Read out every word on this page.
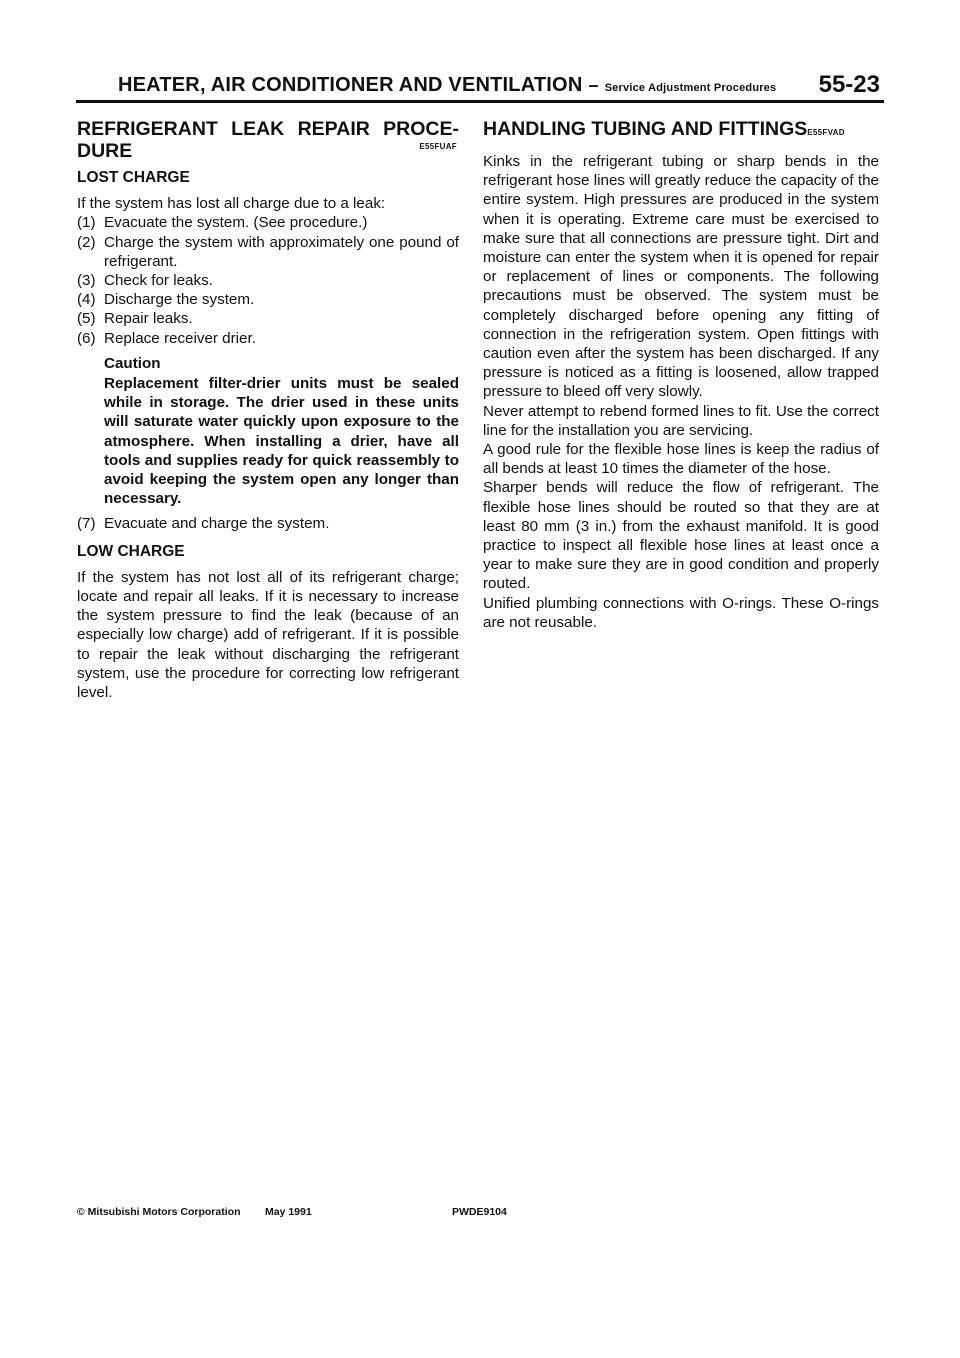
HEATER, AIR CONDITIONER AND VENTILATION – Service Adjustment Procedures 55-23
REFRIGERANT LEAK REPAIR PROCE-
DURE	E55FUAF
LOST CHARGE

If the system has lost all charge due to a leak:

(1) Evacuate the system. (See procedure.)
(2) Charge the system with approximately one pound of refrigerant.
(3) Check for leaks.
(4) Discharge the system.
(5) Repair leaks.
(6) Replace receiver drier.
Caution

Replacement filter-drier units must be sealed while in storage. The drier used in these units will saturate water quickly upon exposure to the atmosphere. When installing a drier, have all tools and supplies ready for quick reassembly to avoid keeping the system open any longer than necessary.

(7) Evacuate and charge the system.
LOW CHARGE

If the system has not lost all of its refrigerant charge; locate and repair all leaks. If it is necessary to increase the system pressure to find the leak (because of an especially low charge) add of refrigerant. If it is possible to repair the leak without discharging the refrigerant system, use the procedure for correcting low refrigerant level.

HANDLING TUBING AND FITTINGSE55FVAD

Kinks in the refrigerant tubing or sharp bends in the refrigerant hose lines will greatly reduce the capacity of the entire system. High pressures are produced in the system when it is operating. Extreme care must be exercised to make sure that all connections are pressure tight. Dirt and moisture can enter the system when it is opened for repair or replacement of lines or components. The following precautions must be observed. The system must be completely discharged before opening any fitting of connection in the refrigeration system. Open fittings with caution even after the system has been discharged. If any pressure is noticed as a fitting is loosened, allow trapped pressure to bleed off very slowly.

Never attempt to rebend formed lines to fit. Use the correct line for the installation you are servicing.

A good rule for the flexible hose lines is keep the radius of all bends at least 10 times the diameter of the hose.

Sharper bends will reduce the flow of refrigerant. The flexible hose lines should be routed so that they are at least 80 mm (3 in.) from the exhaust manifold. It is good practice to inspect all flexible hose lines at least once a year to make sure they are in good condition and properly routed.

Unified plumbing connections with O-rings. These O-rings are not reusable.

© Mitsubishi Motors Corporation May 1991	PWDE9104
